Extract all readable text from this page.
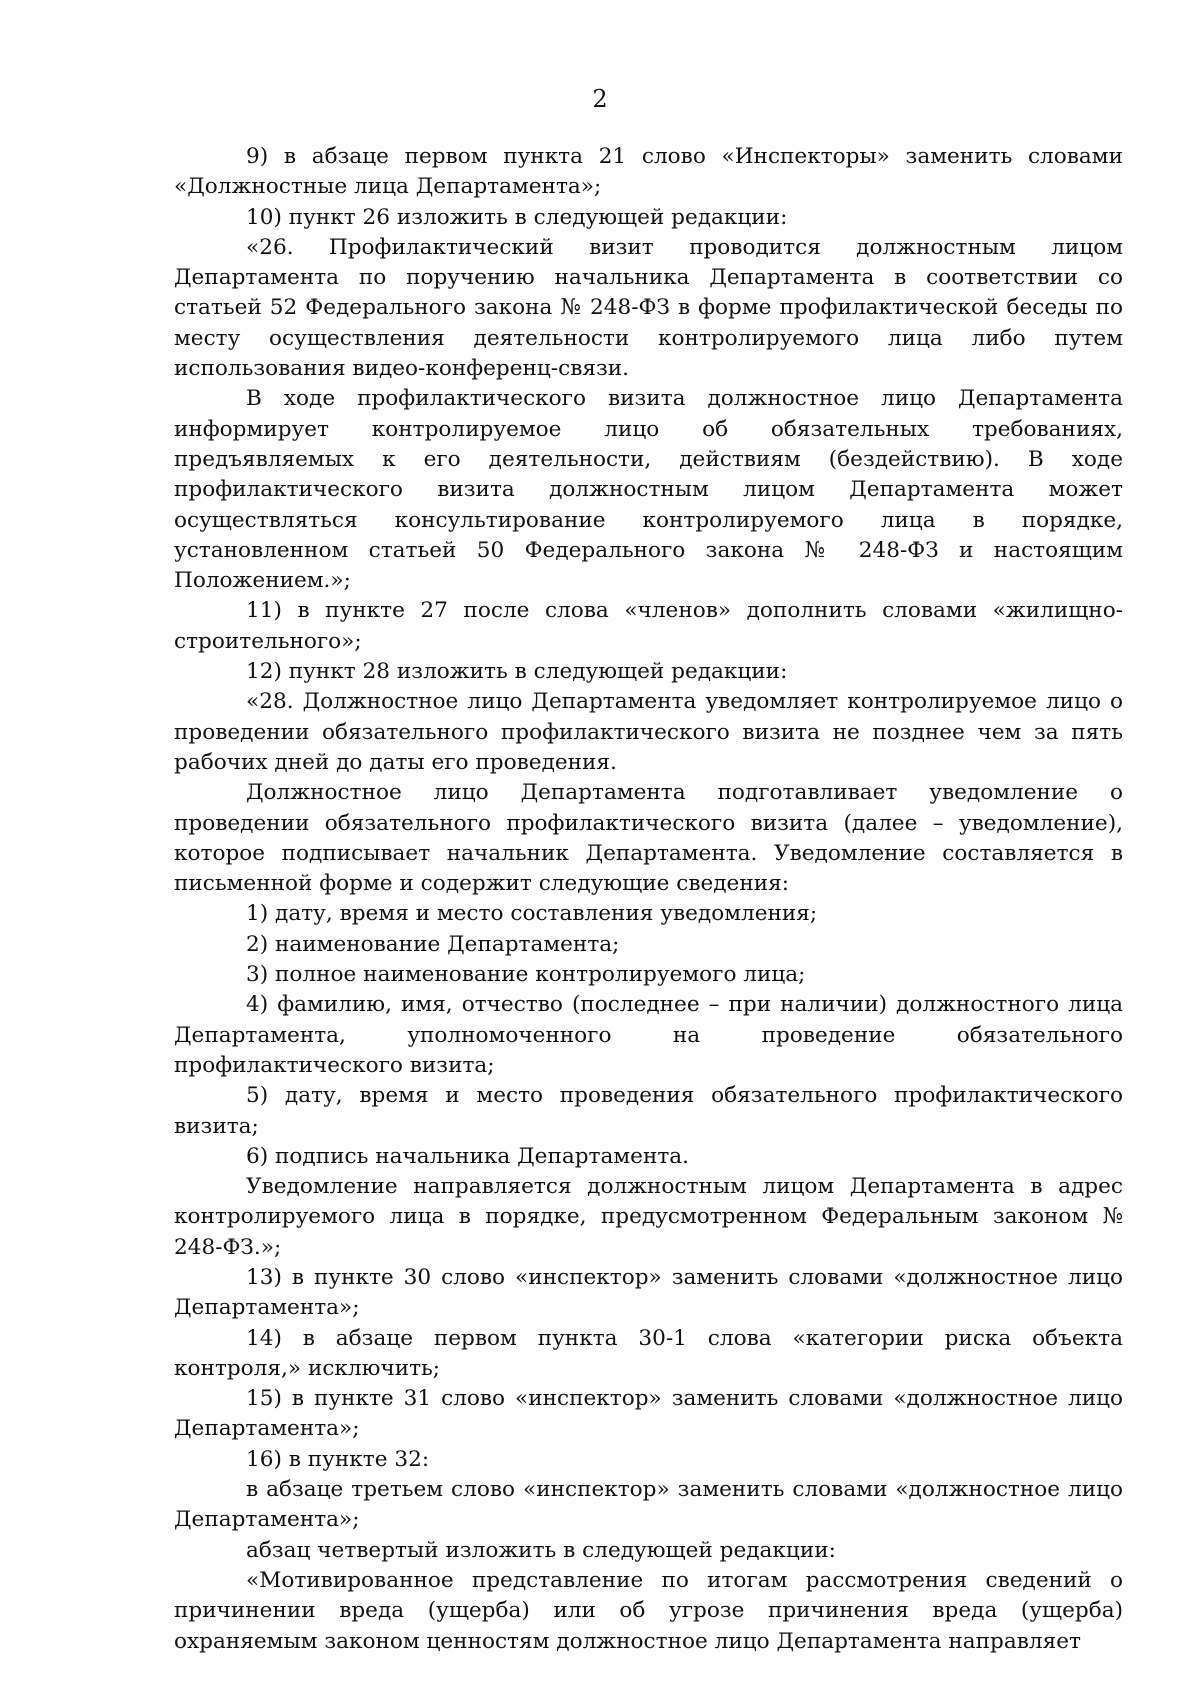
2

9) в абзаце первом пункта 21 слово «Инспекторы» заменить словами «Должностные лица Департамента»;

10) пункт 26 изложить в следующей редакции:

«26. Профилактический визит проводится должностным лицом Департамента по поручению начальника Департамента в соответствии со статьей 52 Федерального закона № 248-ФЗ в форме профилактической беседы по месту осуществления деятельности контролируемого лица либо путем использования видео-конференц-связи.

В ходе профилактического визита должностное лицо Департамента информирует контролируемое лицо об обязательных требованиях, предъявляемых к его деятельности, действиям (бездействию). В ходе профилактического визита должностным лицом Департамента может осуществляться консультирование контролируемого лица в порядке, установленном статьей 50 Федерального закона № 248-ФЗ и настоящим Положением.»;

11) в пункте 27 после слова «членов» дополнить словами «жилищно-строительного»;

12) пункт 28 изложить в следующей редакции:

«28. Должностное лицо Департамента уведомляет контролируемое лицо о проведении обязательного профилактического визита не позднее чем за пять рабочих дней до даты его проведения.

Должностное лицо Департамента подготавливает уведомление о проведении обязательного профилактического визита (далее – уведомление), которое подписывает начальник Департамента. Уведомление составляется в письменной форме и содержит следующие сведения:

1) дату, время и место составления уведомления;

2) наименование Департамента;

3) полное наименование контролируемого лица;

4) фамилию, имя, отчество (последнее – при наличии) должностного лица Департамента, уполномоченного на проведение обязательного профилактического визита;

5) дату, время и место проведения обязательного профилактического визита;

6) подпись начальника Департамента.

Уведомление направляется должностным лицом Департамента в адрес контролируемого лица в порядке, предусмотренном Федеральным законом № 248-ФЗ.»;

13) в пункте 30 слово «инспектор» заменить словами «должностное лицо Департамента»;

14) в абзаце первом пункта 30-1 слова «категории риска объекта контроля,» исключить;

15) в пункте 31 слово «инспектор» заменить словами «должностное лицо Департамента»;

16) в пункте 32:

в абзаце третьем слово «инспектор» заменить словами «должностное лицо Департамента»;

абзац четвертый изложить в следующей редакции:

«Мотивированное представление по итогам рассмотрения сведений о причинении вреда (ущерба) или об угрозе причинения вреда (ущерба) охраняемым законом ценностям должностное лицо Департамента направляет
